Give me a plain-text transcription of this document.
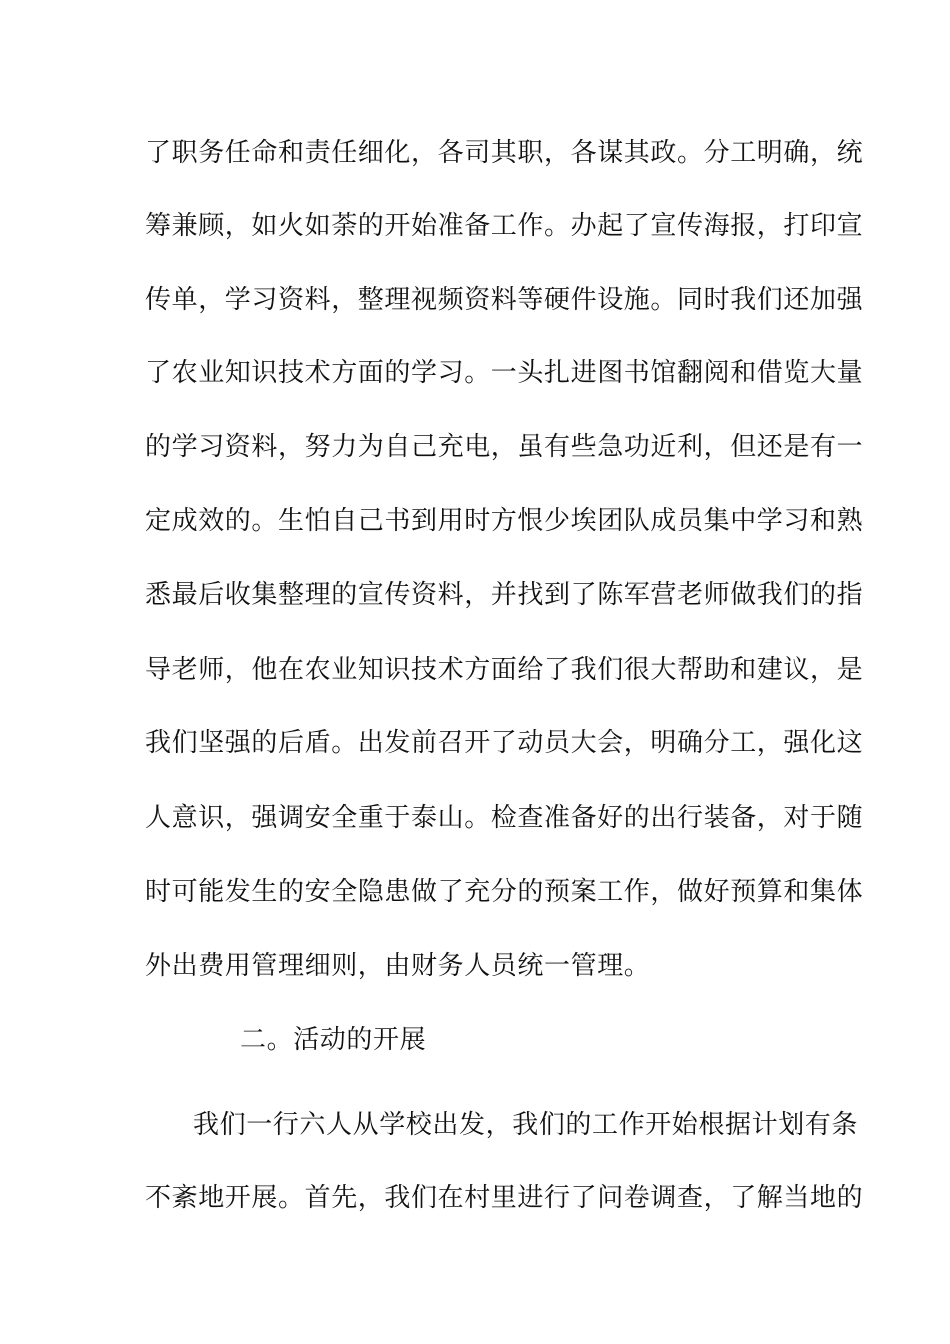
了职务任命和责任细化，各司其职，各谋其政。分工明确，统
筹兼顾，如火如荼的开始准备工作。办起了宣传海报，打印宣
传单，学习资料，整理视频资料等硬件设施。同时我们还加强
了农业知识技术方面的学习。一头扎进图书馆翻阅和借览大量
的学习资料，努力为自己充电，虽有些急功近利，但还是有一
定成效的。生怕自己书到用时方恨少埃团队成员集中学习和熟
悉最后收集整理的宣传资料，并找到了陈军营老师做我们的指
导老师，他在农业知识技术方面给了我们很大帮助和建议，是
我们坚强的后盾。出发前召开了动员大会，明确分工，强化这
人意识，强调安全重于泰山。检查准备好的出行装备，对于随
时可能发生的安全隐患做了充分的预案工作，做好预算和集体
外出费用管理细则，由财务人员统一管理。
二。活动的开展
我们一行六人从学校出发，我们的工作开始根据计划有条
不紊地开展。首先，我们在村里进行了问卷调查，了解当地的
